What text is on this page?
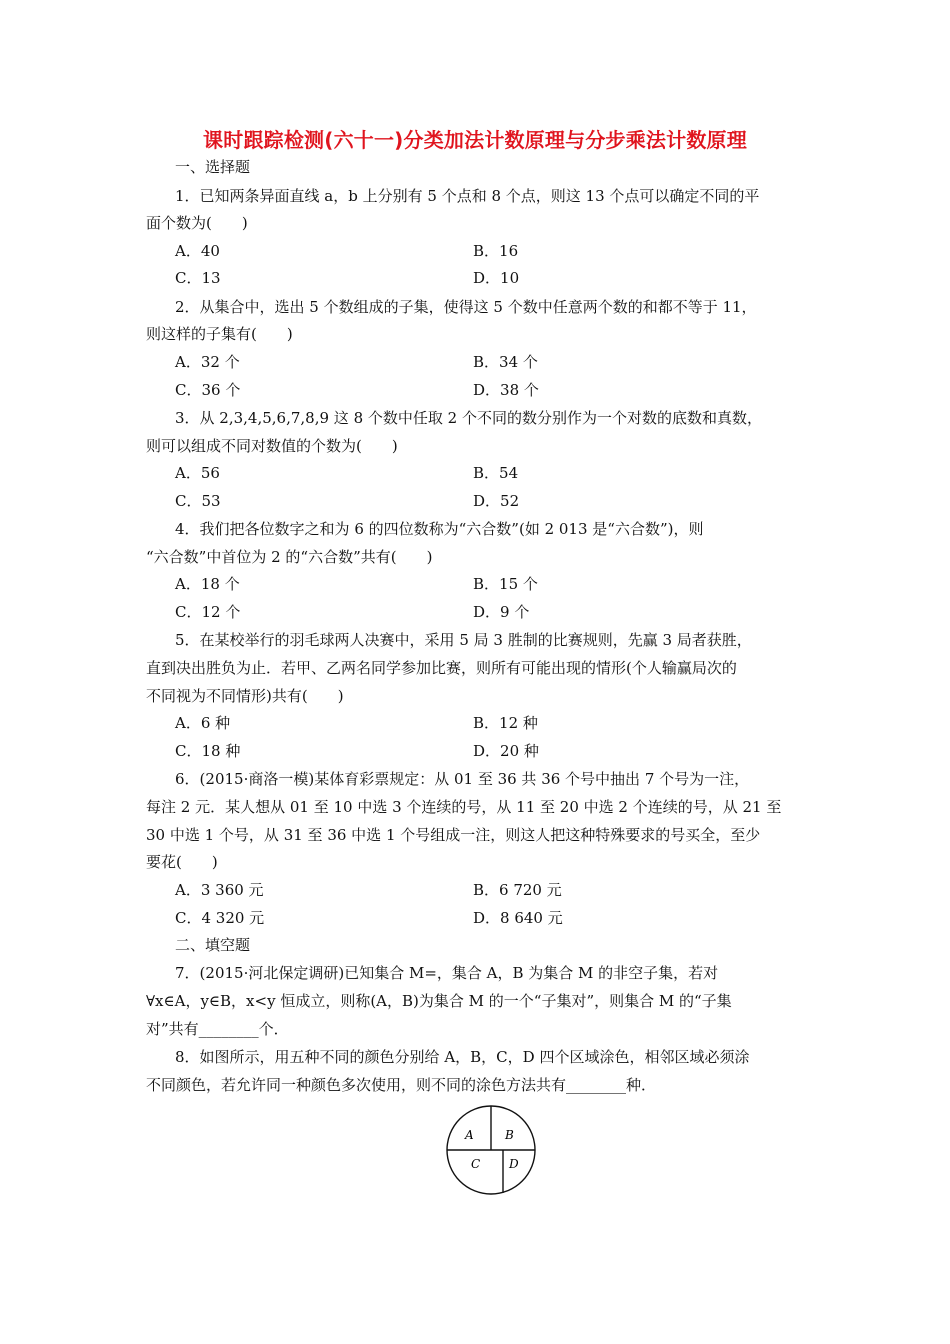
课时跟踪检测(六十一)分类加法计数原理与分步乘法计数原理
一、选择题
1．已知两条异面直线 a，b 上分别有 5 个点和 8 个点，则这 13 个点可以确定不同的平
面个数为(　　)
A．40	B．16
C．13	D．10
2．从集合中，选出 5 个数组成的子集，使得这 5 个数中任意两个数的和都不等于 11，
则这样的子集有(　　)
A．32 个	B．34 个
C．36 个	D．38 个
3．从 2,3,4,5,6,7,8,9 这 8 个数中任取 2 个不同的数分别作为一个对数的底数和真数，
则可以组成不同对数值的个数为(　　)
A．56	B．54
C．53	D．52
4．我们把各位数字之和为 6 的四位数称为“六合数”(如 2 013 是“六合数”)，则
“六合数”中首位为 2 的“六合数”共有(　　)
A．18 个	B．15 个
C．12 个	D．9 个
5．在某校举行的羽毛球两人决赛中，采用 5 局 3 胜制的比赛规则，先赢 3 局者获胜，
直到决出胜负为止．若甲、乙两名同学参加比赛，则所有可能出现的情形(个人输赢局次的
不同视为不同情形)共有(　　)
A．6 种	B．12 种
C．18 种	D．20 种
6．(2015·商洛一模)某体育彩票规定：从 01 至 36 共 36 个号中抽出 7 个号为一注，
每注 2 元．某人想从 01 至 10 中选 3 个连续的号，从 11 至 20 中选 2 个连续的号，从 21 至
30 中选 1 个号，从 31 至 36 中选 1 个号组成一注，则这人把这种特殊要求的号买全，至少
要花(　　)
A．3 360 元	B．6 720 元
C．4 320 元	D．8 640 元
二、填空题
7．(2015·河北保定调研)已知集合 M=，集合 A，B 为集合 M 的非空子集，若对
∀x∈A，y∈B，x<y 恒成立，则称(A，B)为集合 M 的一个“子集对”，则集合 M 的“子集
对”共有________个．
8．如图所示，用五种不同的颜色分别给 A，B，C，D 四个区域涂色，相邻区域必须涂
不同颜色，若允许同一种颜色多次使用，则不同的涂色方法共有________种．
A	B
C D
